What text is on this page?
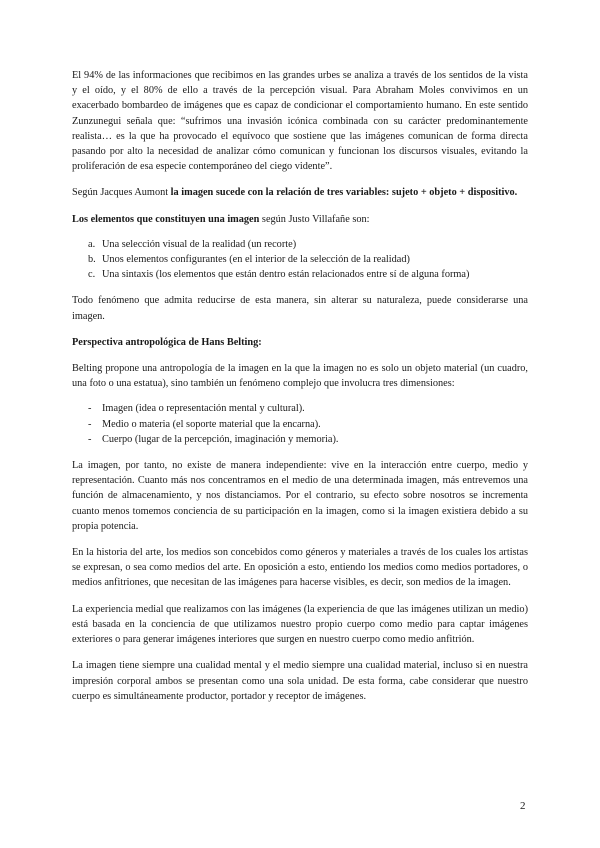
El 94% de las informaciones que recibimos en las grandes urbes se analiza a través de los sentidos de la vista y el oído, y el 80% de ello a través de la percepción visual. Para Abraham Moles convivimos en un exacerbado bombardeo de imágenes que es capaz de condicionar el comportamiento humano. En este sentido Zunzunegui señala que: “sufrimos una invasión icónica combinada con su carácter predominantemente realista… es la que ha provocado el equívoco que sostiene que las imágenes comunican de forma directa pasando por alto la necesidad de analizar cómo comunican y funcionan los discursos visuales, evitando la proliferación de esa especie contemporáneo del ciego vidente”.

Según Jacques Aumont la imagen sucede con la relación de tres variables: sujeto + objeto + dispositivo.

Los elementos que constituyen una imagen según Justo Villafañe son:

a. Una selección visual de la realidad (un recorte)
b. Unos elementos configurantes (en el interior de la selección de la realidad)
c. Una sintaxis (los elementos que están dentro están relacionados entre sí de alguna forma)

Todo fenómeno que admita reducirse de esta manera, sin alterar su naturaleza, puede considerarse una imagen.

Perspectiva antropológica de Hans Belting:

Belting propone una antropología de la imagen en la que la imagen no es solo un objeto material (un cuadro, una foto o una estatua), sino también un fenómeno complejo que involucra tres dimensiones:

- Imagen (idea o representación mental y cultural).
- Medio o materia (el soporte material que la encarna).
- Cuerpo (lugar de la percepción, imaginación y memoria).

La imagen, por tanto, no existe de manera independiente: vive en la interacción entre cuerpo, medio y representación. Cuanto más nos concentramos en el medio de una determinada imagen, más entrevemos una función de almacenamiento, y nos distanciamos. Por el contrario, su efecto sobre nosotros se incrementa cuanto menos tomemos conciencia de su participación en la imagen, como si la imagen existiera debido a su propia potencia.

En la historia del arte, los medios son concebidos como géneros y materiales a través de los cuales los artistas se expresan, o sea como medios del arte. En oposición a esto, entiendo los medios como medios portadores, o medios anfitriones, que necesitan de las imágenes para hacerse visibles, es decir, son medios de la imagen.

La experiencia medial que realizamos con las imágenes (la experiencia de que las imágenes utilizan un medio) está basada en la conciencia de que utilizamos nuestro propio cuerpo como medio para captar imágenes exteriores o para generar imágenes interiores que surgen en nuestro cuerpo como medio anfitrión.

La imagen tiene siempre una cualidad mental y el medio siempre una cualidad material, incluso si en nuestra impresión corporal ambos se presentan como una sola unidad. De esta forma, cabe considerar que nuestro cuerpo es simultáneamente productor, portador y receptor de imágenes.

2
